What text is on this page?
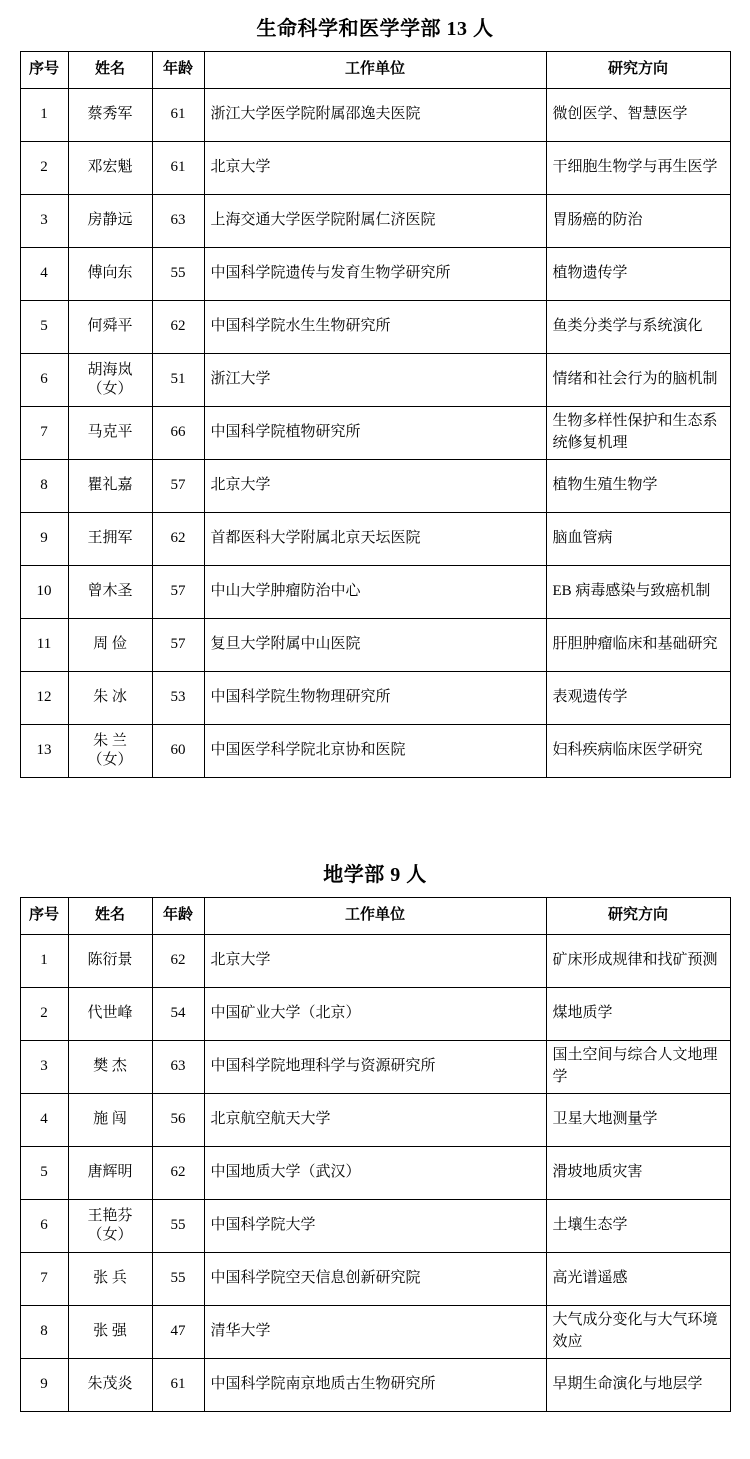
生命科学和医学学部 13 人
序号	姓名	年龄	工作单位	研究方向
1	蔡秀军	61	浙江大学医学院附属邵逸夫医院	微创医学、智慧医学
2	邓宏魁	61	北京大学	干细胞生物学与再生医学
3	房静远	63	上海交通大学医学院附属仁济医院	胃肠癌的防治
4	傅向东	55	中国科学院遗传与发育生物学研究所	植物遗传学
5	何舜平	62	中国科学院水生生物研究所	鱼类分类学与系统演化
6	胡海岚（女）	51	浙江大学	情绪和社会行为的脑机制
7	马克平	66	中国科学院植物研究所	生物多样性保护和生态系统修复机理
8	瞿礼嘉	57	北京大学	植物生殖生物学
9	王拥军	62	首都医科大学附属北京天坛医院	脑血管病
10	曾木圣	57	中山大学肿瘤防治中心	EB 病毒感染与致癌机制
11	周 俭	57	复旦大学附属中山医院	肝胆肿瘤临床和基础研究
12	朱 冰	53	中国科学院生物物理研究所	表观遗传学
13	朱 兰（女）	60	中国医学科学院北京协和医院	妇科疾病临床医学研究
地学部 9 人
序号	姓名	年龄	工作单位	研究方向
1	陈衍景	62	北京大学	矿床形成规律和找矿预测
2	代世峰	54	中国矿业大学（北京）	煤地质学
3	樊 杰	63	中国科学院地理科学与资源研究所	国土空间与综合人文地理学
4	施 闯	56	北京航空航天大学	卫星大地测量学
5	唐辉明	62	中国地质大学（武汉）	滑坡地质灾害
6	王艳芬（女）	55	中国科学院大学	土壤生态学
7	张 兵	55	中国科学院空天信息创新研究院	高光谱遥感
8	张 强	47	清华大学	大气成分变化与大气环境效应
9	朱茂炎	61	中国科学院南京地质古生物研究所	早期生命演化与地层学
